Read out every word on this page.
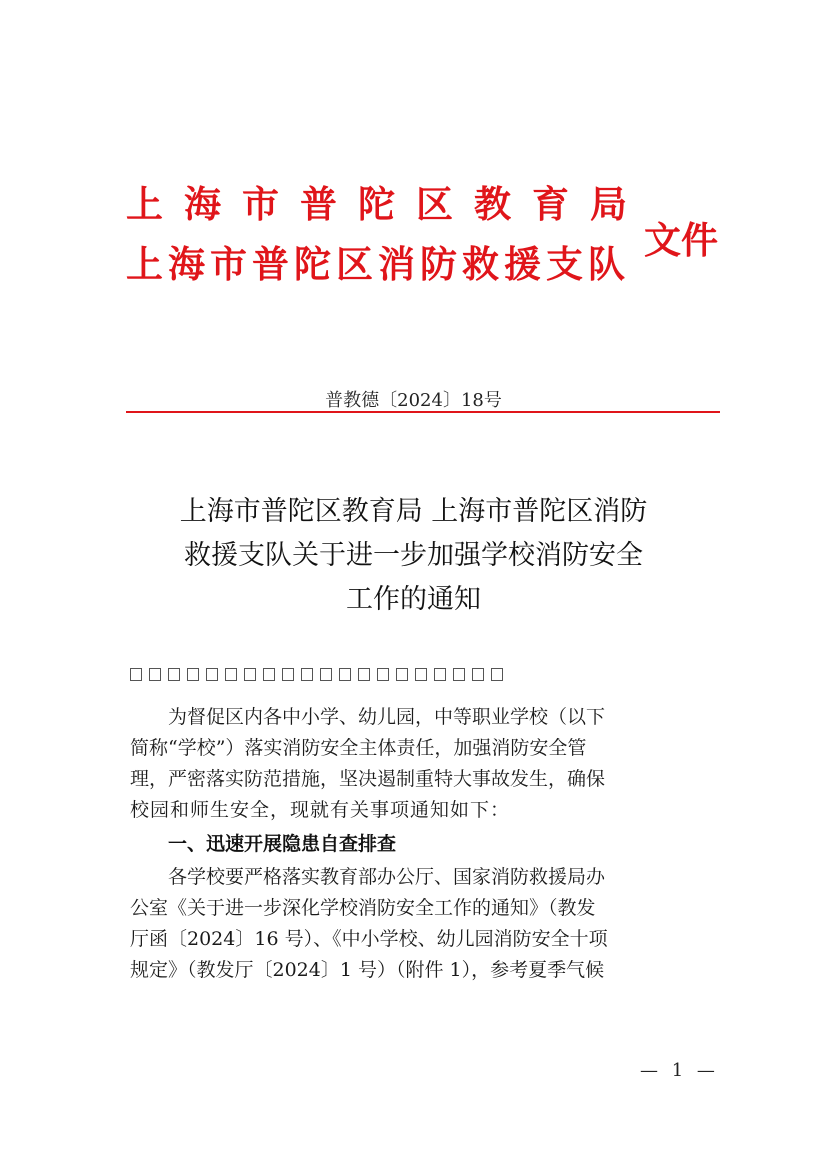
上海市普陀区教育局
上海市普陀区消防救援支队
文件
普教德〔2024〕18号
上海市普陀区教育局 上海市普陀区消防
救援支队关于进一步加强学校消防安全
工作的通知
为督促区内各中小学、幼儿园，中等职业学校（以下
简称“学校”）落实消防安全主体责任，加强消防安全管
理，严密落实防范措施，坚决遏制重特大事故发生，确保
校园和师生安全，现就有关事项通知如下：
一、迅速开展隐患自查排查
各学校要严格落实教育部办公厅、国家消防救援局办
公室《关于进一步深化学校消防安全工作的通知》（教发
厅函〔2024〕16 号）、《中小学校、幼儿园消防安全十项
规定》（教发厅〔2024〕1 号）（附件 1），参考夏季气候
— 1 —
